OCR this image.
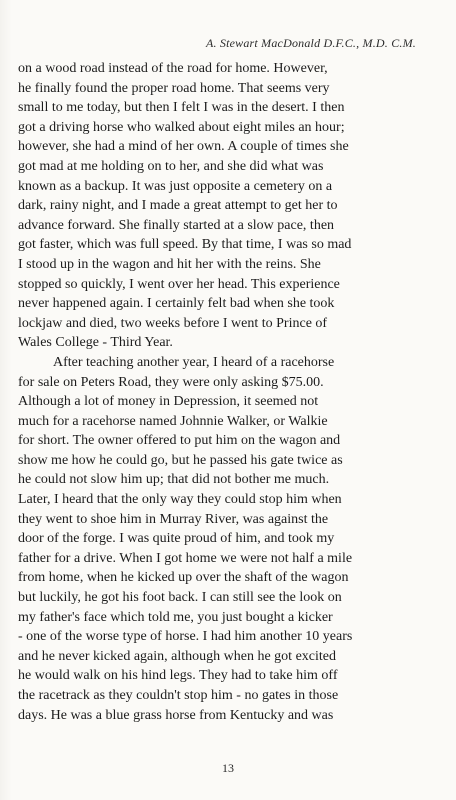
A. Stewart MacDonald D.F.C., M.D. C.M.
on a wood road instead of the road for home. However,
he finally found the proper road home. That seems very
small to me today, but then I felt I was in the desert. I then
got a driving horse who walked about eight miles an hour;
however, she had a mind of her own. A couple of times she
got mad at me holding on to her, and she did what was
known as a backup. It was just opposite a cemetery on a
dark, rainy night, and I made a great attempt to get her to
advance forward. She finally started at a slow pace, then
got faster, which was full speed. By that time, I was so mad
I stood up in the wagon and hit her with the reins. She
stopped so quickly, I went over her head. This experience
never happened again. I certainly felt bad when she took
lockjaw and died, two weeks before I went to Prince of
Wales College - Third Year.
After teaching another year, I heard of a racehorse
for sale on Peters Road, they were only asking $75.00.
Although a lot of money in Depression, it seemed not
much for a racehorse named Johnnie Walker, or Walkie
for short. The owner offered to put him on the wagon and
show me how he could go, but he passed his gate twice as
he could not slow him up; that did not bother me much.
Later, I heard that the only way they could stop him when
they went to shoe him in Murray River, was against the
door of the forge. I was quite proud of him, and took my
father for a drive. When I got home we were not half a mile
from home, when he kicked up over the shaft of the wagon
but luckily, he got his foot back. I can still see the look on
my father's face which told me, you just bought a kicker
- one of the worse type of horse. I had him another 10 years
and he never kicked again, although when he got excited
he would walk on his hind legs. They had to take him off
the racetrack as they couldn't stop him - no gates in those
days. He was a blue grass horse from Kentucky and was
13
